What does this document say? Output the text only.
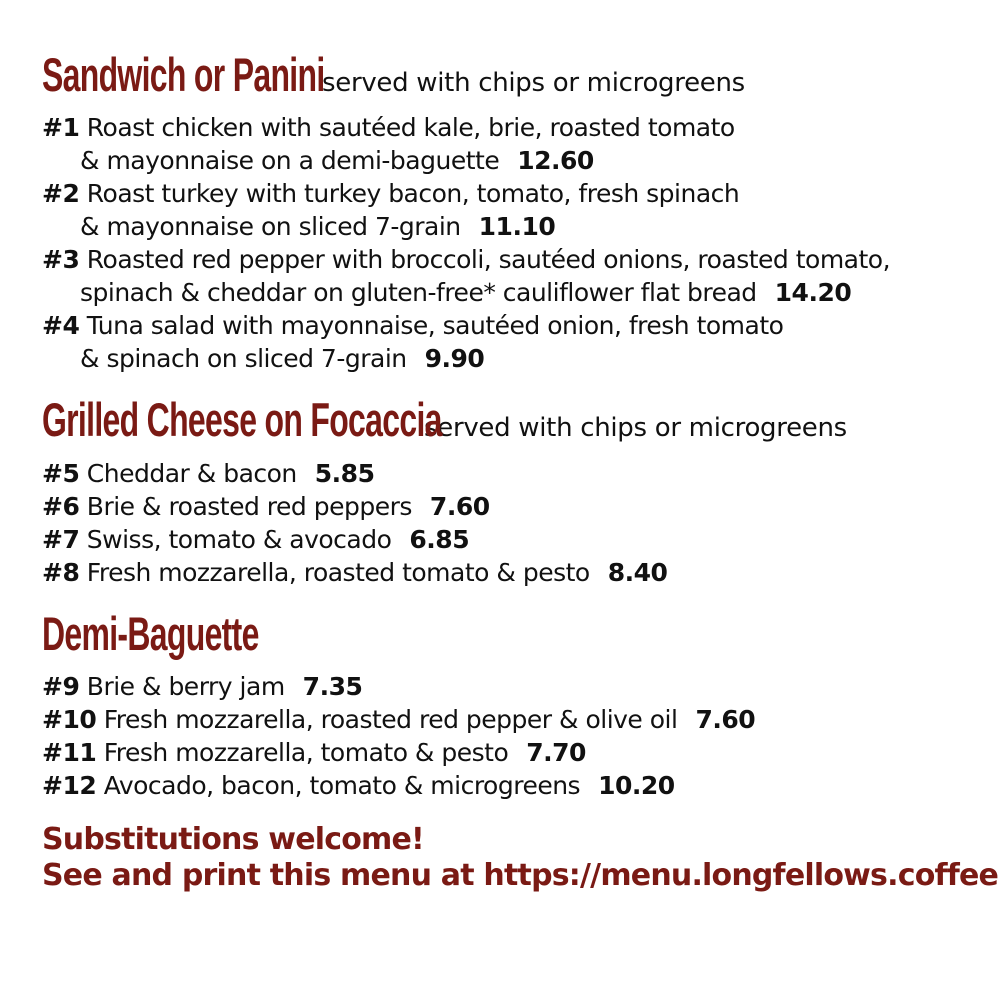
Sandwich or Panini
served with chips or microgreens
#1 Roast chicken with sautéed kale, brie, roasted tomato
& mayonnaise on a demi-baguette 12.60
#2 Roast turkey with turkey bacon, tomato, fresh spinach
& mayonnaise on sliced 7-grain 11.10
#3 Roasted red pepper with broccoli, sautéed onions, roasted tomato,
spinach & cheddar on gluten-free* cauliflower flat bread 14.20
#4 Tuna salad with mayonnaise, sautéed onion, fresh tomato
& spinach on sliced 7-grain 9.90
Grilled Cheese on Focaccia
served with chips or microgreens
#5 Cheddar & bacon 5.85
#6 Brie & roasted red peppers 7.60
#7 Swiss, tomato & avocado 6.85
#8 Fresh mozzarella, roasted tomato & pesto 8.40
Demi-Baguette
#9 Brie & berry jam 7.35
#10 Fresh mozzarella, roasted red pepper & olive oil 7.60
#11 Fresh mozzarella, tomato & pesto 7.70
#12 Avocado, bacon, tomato & microgreens 10.20
Substitutions welcome!
See and print this menu at https://menu.longfellows.coffee
